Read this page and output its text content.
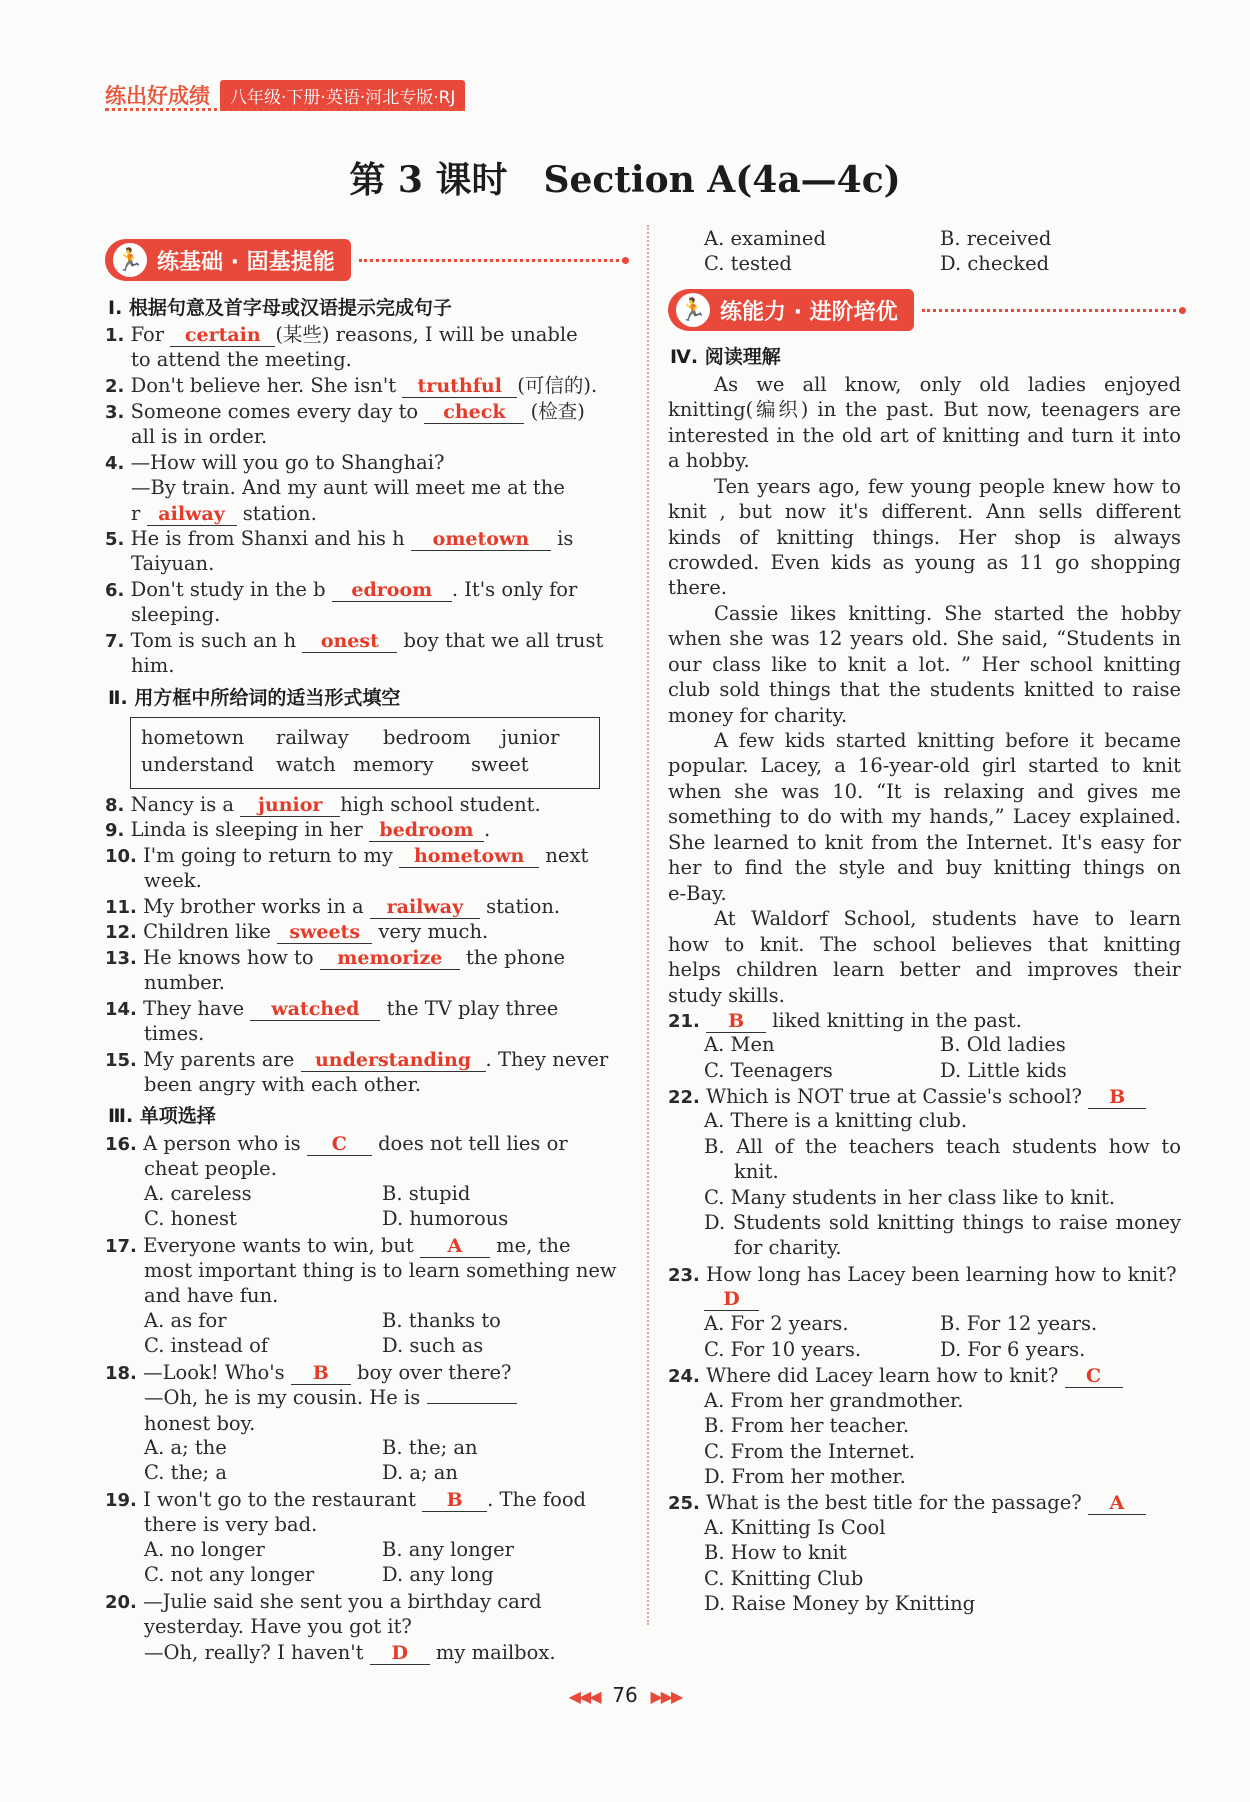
练出好成绩	八年级·下册·英语·河北专版·RJ
第 3 课时　Section A(4a—4c)
🏃 练基础 · 固基提能
Ⅰ. 根据句意及首字母或汉语提示完成句子
1. For certain (某些) reasons, I will be unable
to attend the meeting.
2. Don't believe her. She isn't truthful (可信的).
3. Someone comes every day to check (检查)
all is in order.
4. —How will you go to Shanghai?
—By train. And my aunt will meet me at the
r ailway station.
5. He is from Shanxi and his h ometown is
Taiyuan.
6. Don't study in the b edroom . It's only for
sleeping.
7. Tom is such an h onest boy that we all trust
him.
Ⅱ. 用方框中所给词的适当形式填空
hometown railway bedroom junior
understand watch memory sweet
8. Nancy is a junior high school student.
9. Linda is sleeping in her bedroom .
10. I'm going to return to my hometown next
week.
11. My brother works in a railway station.
12. Children like sweets very much.
13. He knows how to memorize the phone
number.
14. They have watched the TV play three
times.
15. My parents are understanding . They never
been angry with each other.
Ⅲ. 单项选择
16. A person who is C does not tell lies or
cheat people.
A. careless	B. stupid
C. honest	D. humorous
17. Everyone wants to win, but A me, the
most important thing is to learn something new
and have fun.
A. as for	B. thanks to
C. instead of	D. such as
18. —Look! Who's B boy over there?
—Oh, he is my cousin. He is
honest boy.
A. a; the	B. the; an
C. the; a	D. a; an
19. I won't go to the restaurant B . The food
there is very bad.
A. no longer	B. any longer
C. not any longer	D. any long
20. —Julie said she sent you a birthday card
yesterday. Have you got it?
—Oh, really? I haven't D my mailbox.
A. examined	B. received
C. tested	D. checked
🏃 练能力 · 进阶培优
Ⅳ. 阅读理解
As we all know, only old ladies enjoyed
knitting(编织) in the past. But now, teenagers are
interested in the old art of knitting and turn it into
a hobby.
Ten years ago, few young people knew how to
knit , but now it's different. Ann sells different
kinds of knitting things. Her shop is always
crowded. Even kids as young as 11 go shopping
there.
Cassie likes knitting. She started the hobby
when she was 12 years old. She said, “Students in
our class like to knit a lot. ” Her school knitting
club sold things that the students knitted to raise
money for charity.
A few kids started knitting before it became
popular. Lacey, a 16-year-old girl started to knit
when she was 10. “It is relaxing and gives me
something to do with my hands,” Lacey explained.
She learned to knit from the Internet. It's easy for
her to find the style and buy knitting things on
e-Bay.
At Waldorf School, students have to learn
how to knit. The school believes that knitting
helps children learn better and improves their
study skills.
21. B liked knitting in the past.
A. Men	B. Old ladies
C. Teenagers	D. Little kids
22. Which is NOT true at Cassie's school? B
A. There is a knitting club.
B. All of the teachers teach students how to
knit.
C. Many students in her class like to knit.
D. Students sold knitting things to raise money
for charity.
23. How long has Lacey been learning how to knit?
D
A. For 2 years.	B. For 12 years.
C. For 10 years.	D. For 6 years.
24. Where did Lacey learn how to knit? C
A. From her grandmother.
B. From her teacher.
C. From the Internet.
D. From her mother.
25. What is the best title for the passage? A
A. Knitting Is Cool
B. How to knit
C. Knitting Club
D. Raise Money by Knitting
◀◀◀ 76 ▶▶▶
